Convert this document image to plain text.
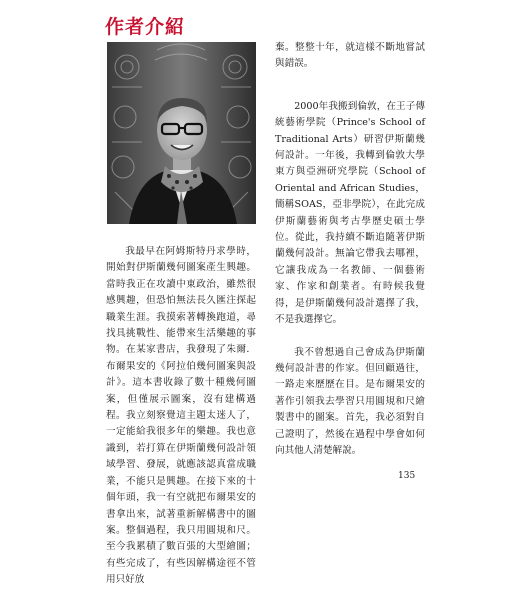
作者介紹

我最早在阿姆斯特丹求學時，開始對伊斯蘭幾何圖案產生興趣。當時我正在攻讀中東政治，雖然很感興趣，但恐怕無法長久匯注探起職業生涯。我摸索著轉換跑道，尋找具挑戰性、能帶來生活樂趣的事物。在某家書店，我發現了朱爾．布爾果安的《阿拉伯幾何圖案與設計》。這本書收錄了數十種幾何圖案，但僅展示圖案，沒有建構過程。我立刻察覺這主題太迷人了，一定能給我很多年的樂趣。我也意識到，若打算在伊斯蘭幾何設計領域學習、發展，就應該認真當成職業，不能只是興趣。在接下來的十個年頭，我一有空就把布爾果安的書拿出來，試著重新解構書中的圖案。整個過程，我只用圓規和尺。至今我累積了數百張的大型繪圖；有些完成了，有些因解構途徑不管用只好放

棄。整整十年，就這樣不斷地嘗試與錯誤。

2000年我搬到倫敦，在王子傳統藝術學院（Prince's School of Traditional Arts）研習伊斯蘭幾何設計。一年後，我轉到倫敦大學東方與亞洲研究學院（School of Oriental and African Studies，簡稱SOAS，亞非學院），在此完成伊斯蘭藝術與考古學歷史碩士學位。從此，我持續不斷追隨著伊斯蘭幾何設計。無論它帶我去哪裡，它讓我成為一名教師、一個藝術家、作家和創業者。有時候我覺得，是伊斯蘭幾何設計選擇了我，不是我選擇它。

我不曾想過自己會成為伊斯蘭幾何設計書的作家。但回顧過往，一路走來歷歷在目。是布爾果安的著作引領我去學習只用圓規和尺繪製書中的圖案。首先，我必須對自己證明了，然後在過程中學會如何向其他人清楚解說。

135
